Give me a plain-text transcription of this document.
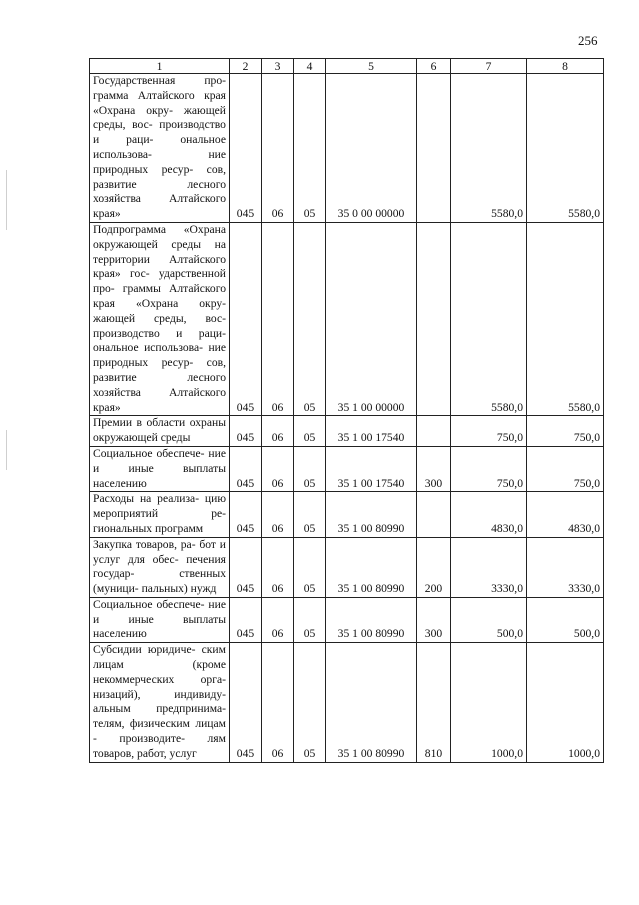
256
1	2	3	4	5	6	7	8
Государственная про- грамма Алтайского края «Охрана окру- жающей среды, вос- производство и раци- ональное использова- ние природных ресур- сов, развитие лесного хозяйства Алтайского края»	045	06	05	35 0 00 00000		5580,0	5580,0
Подпрограмма «Охрана окружающей среды на территории Алтайского края» гос- ударственной про- граммы Алтайского края «Охрана окру- жающей среды, вос- производство и раци- ональное использова- ние природных ресур- сов, развитие лесного хозяйства Алтайского края»	045	06	05	35 1 00 00000		5580,0	5580,0
Премии в области охраны окружающей среды	045	06	05	35 1 00 17540		750,0	750,0
Социальное обеспече- ние и иные выплаты населению	045	06	05	35 1 00 17540	300	750,0	750,0
Расходы на реализа- цию мероприятий ре- гиональных программ	045	06	05	35 1 00 80990		4830,0	4830,0
Закупка товаров, ра- бот и услуг для обес- печения государ- ственных (муници- пальных) нужд	045	06	05	35 1 00 80990	200	3330,0	3330,0
Социальное обеспече- ние и иные выплаты населению	045	06	05	35 1 00 80990	300	500,0	500,0
Субсидии юридиче- ским лицам (кроме некоммерческих орга- низаций), индивиду- альным предпринима- телям, физическим лицам - производите- лям товаров, работ, услуг	045	06	05	35 1 00 80990	810	1000,0	1000,0
